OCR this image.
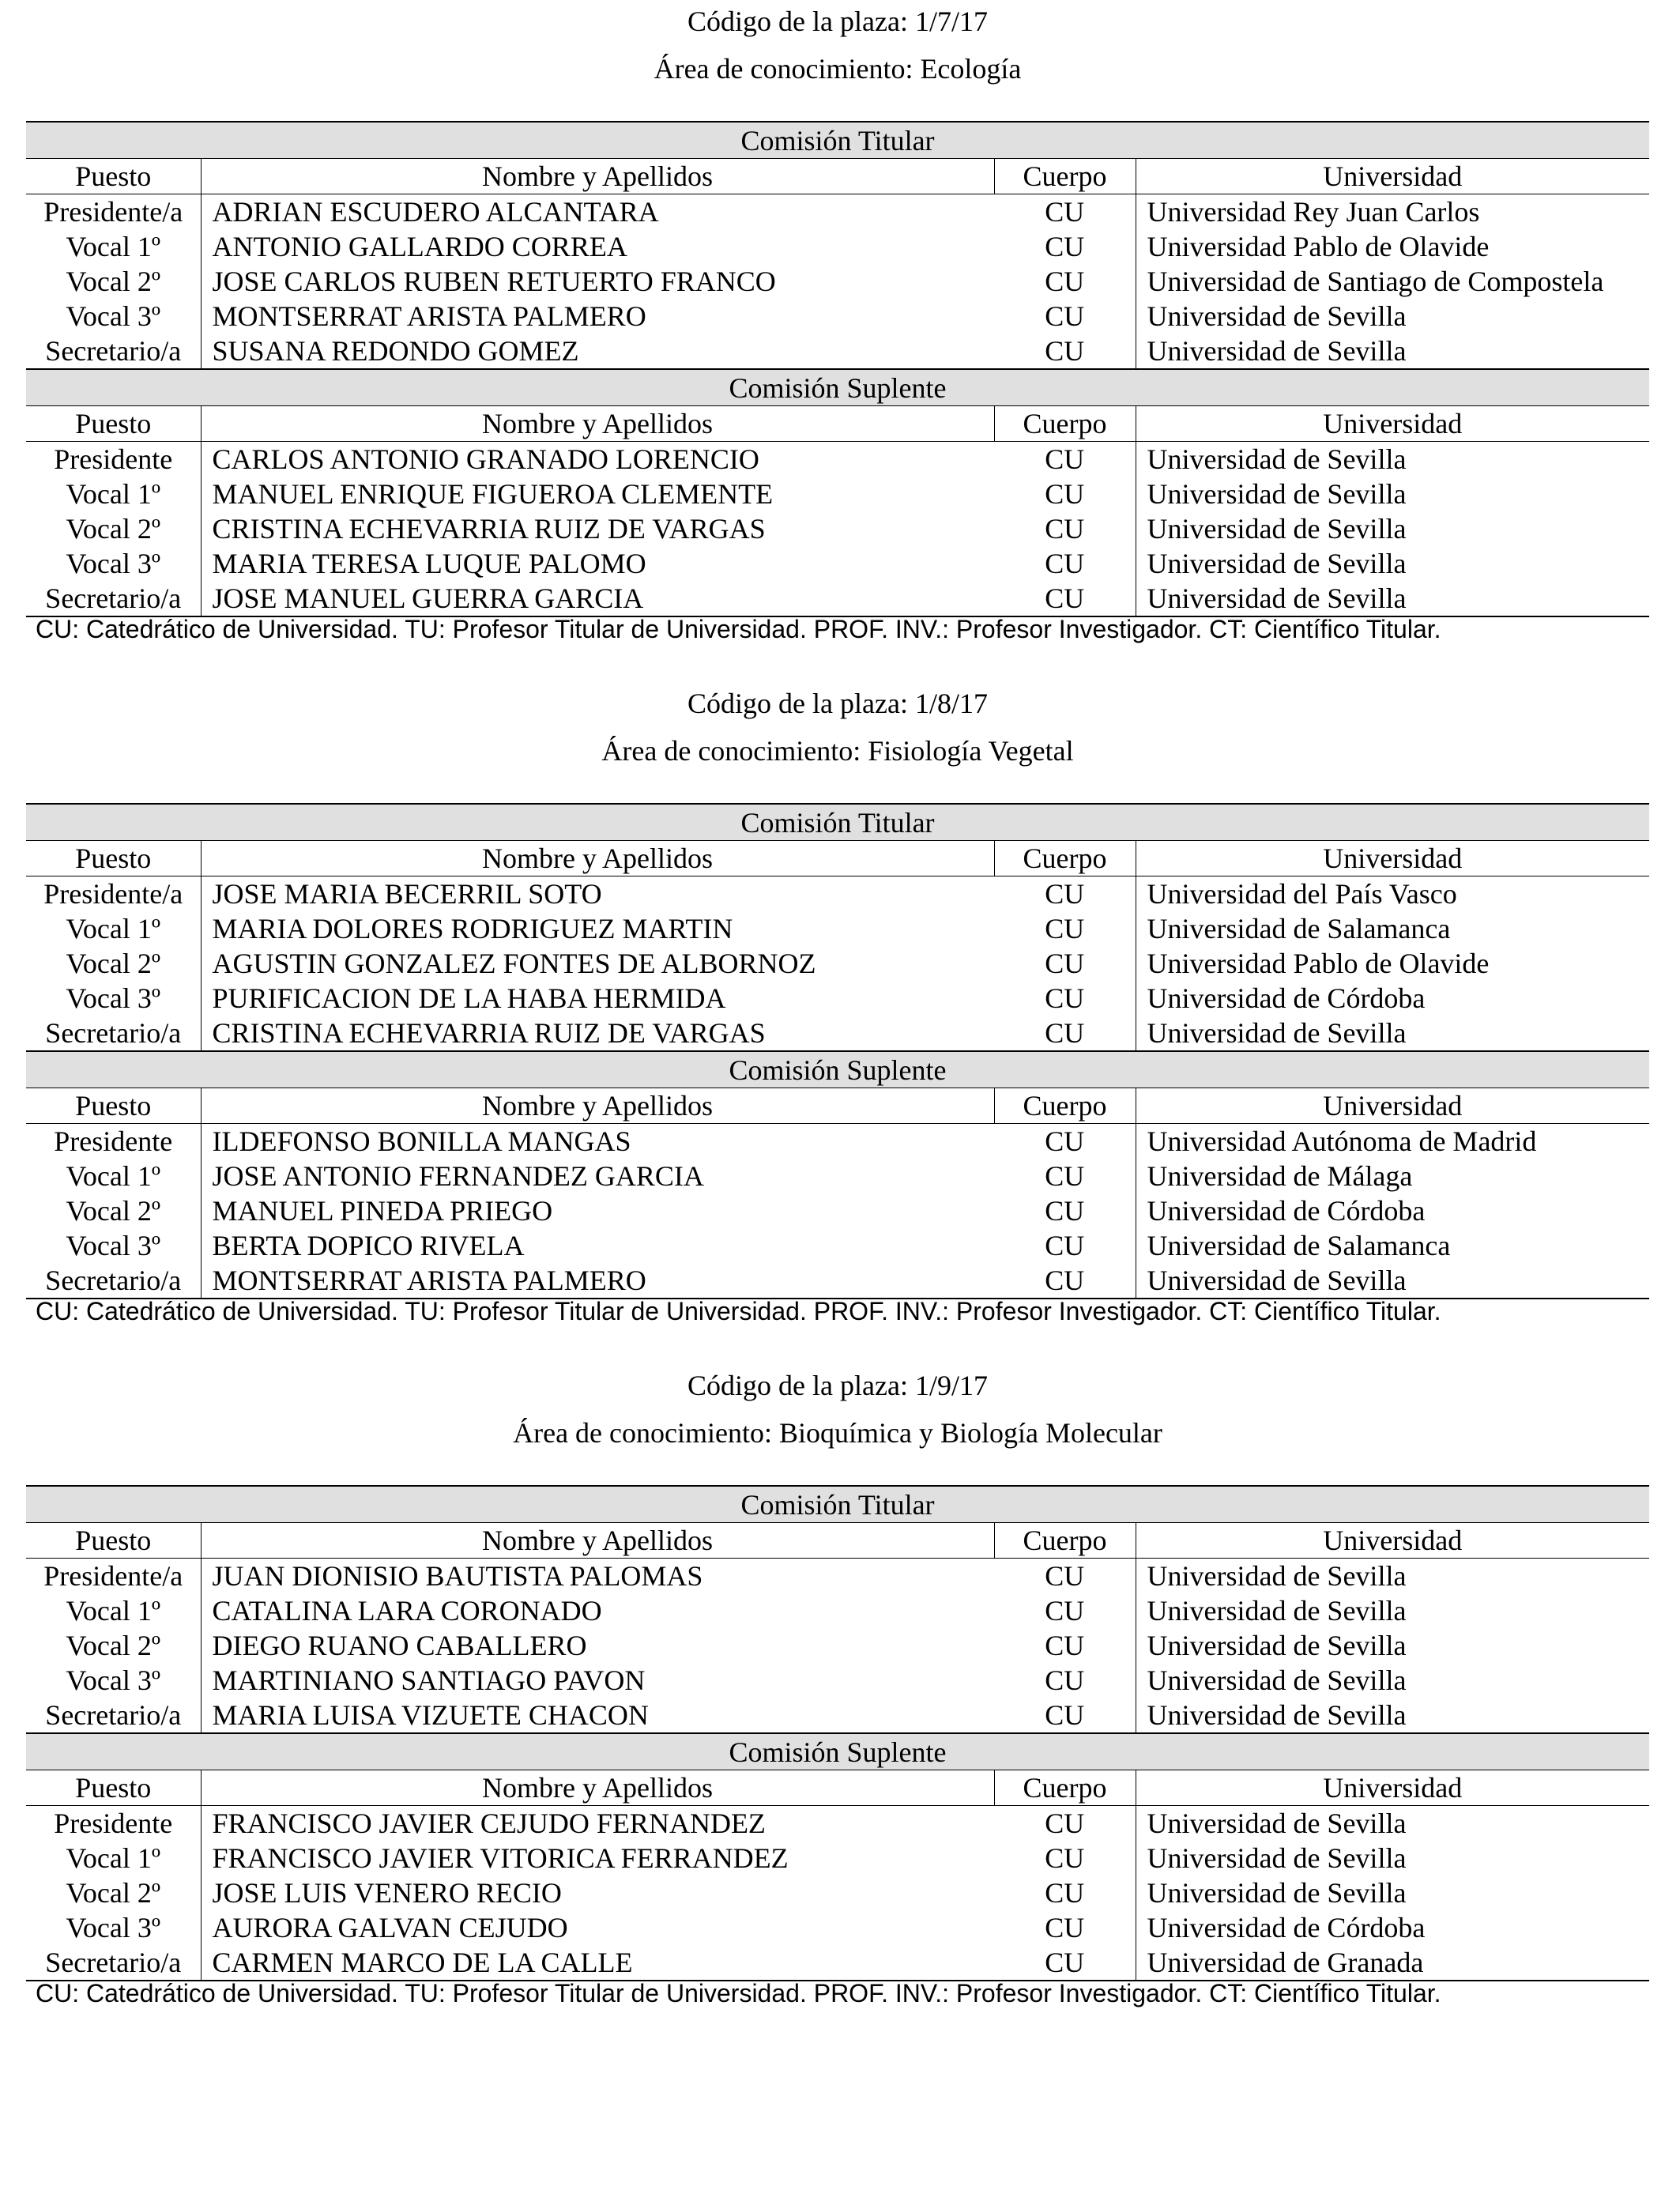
Código de la plaza: 1/7/17
Área de conocimiento: Ecología
Comisión Titular			
Puesto	Nombre y Apellidos	Cuerpo	Universidad
Presidente/a	ADRIAN ESCUDERO ALCANTARA	CU	Universidad Rey Juan Carlos
Vocal 1º	ANTONIO GALLARDO CORREA	CU	Universidad Pablo de Olavide
Vocal 2º	JOSE CARLOS RUBEN RETUERTO FRANCO	CU	Universidad de Santiago de Compostela
Vocal 3º	MONTSERRAT ARISTA PALMERO	CU	Universidad de Sevilla
Secretario/a	SUSANA REDONDO GOMEZ	CU	Universidad de Sevilla
Comisión Suplente			
Puesto	Nombre y Apellidos	Cuerpo	Universidad
Presidente	CARLOS ANTONIO GRANADO LORENCIO	CU	Universidad de Sevilla
Vocal 1º	MANUEL ENRIQUE FIGUEROA CLEMENTE	CU	Universidad de Sevilla
Vocal 2º	CRISTINA ECHEVARRIA RUIZ DE VARGAS	CU	Universidad de Sevilla
Vocal 3º	MARIA TERESA LUQUE PALOMO	CU	Universidad de Sevilla
Secretario/a	JOSE MANUEL GUERRA GARCIA	CU	Universidad de Sevilla
CU: Catedrático de Universidad. TU: Profesor Titular de Universidad. PROF. INV.: Profesor Investigador. CT: Científico Titular.
Código de la plaza: 1/8/17
Área de conocimiento: Fisiología Vegetal
Comisión Titular			
Puesto	Nombre y Apellidos	Cuerpo	Universidad
Presidente/a	JOSE MARIA BECERRIL SOTO	CU	Universidad del País Vasco
Vocal 1º	MARIA DOLORES RODRIGUEZ MARTIN	CU	Universidad de Salamanca
Vocal 2º	AGUSTIN GONZALEZ FONTES DE ALBORNOZ	CU	Universidad Pablo de Olavide
Vocal 3º	PURIFICACION DE LA HABA HERMIDA	CU	Universidad de Córdoba
Secretario/a	CRISTINA ECHEVARRIA RUIZ DE VARGAS	CU	Universidad de Sevilla
Comisión Suplente			
Puesto	Nombre y Apellidos	Cuerpo	Universidad
Presidente	ILDEFONSO BONILLA MANGAS	CU	Universidad Autónoma de Madrid
Vocal 1º	JOSE ANTONIO FERNANDEZ GARCIA	CU	Universidad de Málaga
Vocal 2º	MANUEL PINEDA PRIEGO	CU	Universidad de Córdoba
Vocal 3º	BERTA DOPICO RIVELA	CU	Universidad de Salamanca
Secretario/a	MONTSERRAT ARISTA PALMERO	CU	Universidad de Sevilla
CU: Catedrático de Universidad. TU: Profesor Titular de Universidad. PROF. INV.: Profesor Investigador. CT: Científico Titular.
Código de la plaza: 1/9/17
Área de conocimiento: Bioquímica y Biología Molecular
Comisión Titular			
Puesto	Nombre y Apellidos	Cuerpo	Universidad
Presidente/a	JUAN DIONISIO BAUTISTA PALOMAS	CU	Universidad de Sevilla
Vocal 1º	CATALINA LARA CORONADO	CU	Universidad de Sevilla
Vocal 2º	DIEGO RUANO CABALLERO	CU	Universidad de Sevilla
Vocal 3º	MARTINIANO SANTIAGO PAVON	CU	Universidad de Sevilla
Secretario/a	MARIA LUISA VIZUETE CHACON	CU	Universidad de Sevilla
Comisión Suplente			
Puesto	Nombre y Apellidos	Cuerpo	Universidad
Presidente	FRANCISCO JAVIER CEJUDO FERNANDEZ	CU	Universidad de Sevilla
Vocal 1º	FRANCISCO JAVIER VITORICA FERRANDEZ	CU	Universidad de Sevilla
Vocal 2º	JOSE LUIS VENERO RECIO	CU	Universidad de Sevilla
Vocal 3º	AURORA GALVAN CEJUDO	CU	Universidad de Córdoba
Secretario/a	CARMEN MARCO DE LA CALLE	CU	Universidad de Granada
CU: Catedrático de Universidad. TU: Profesor Titular de Universidad. PROF. INV.: Profesor Investigador. CT: Científico Titular.
